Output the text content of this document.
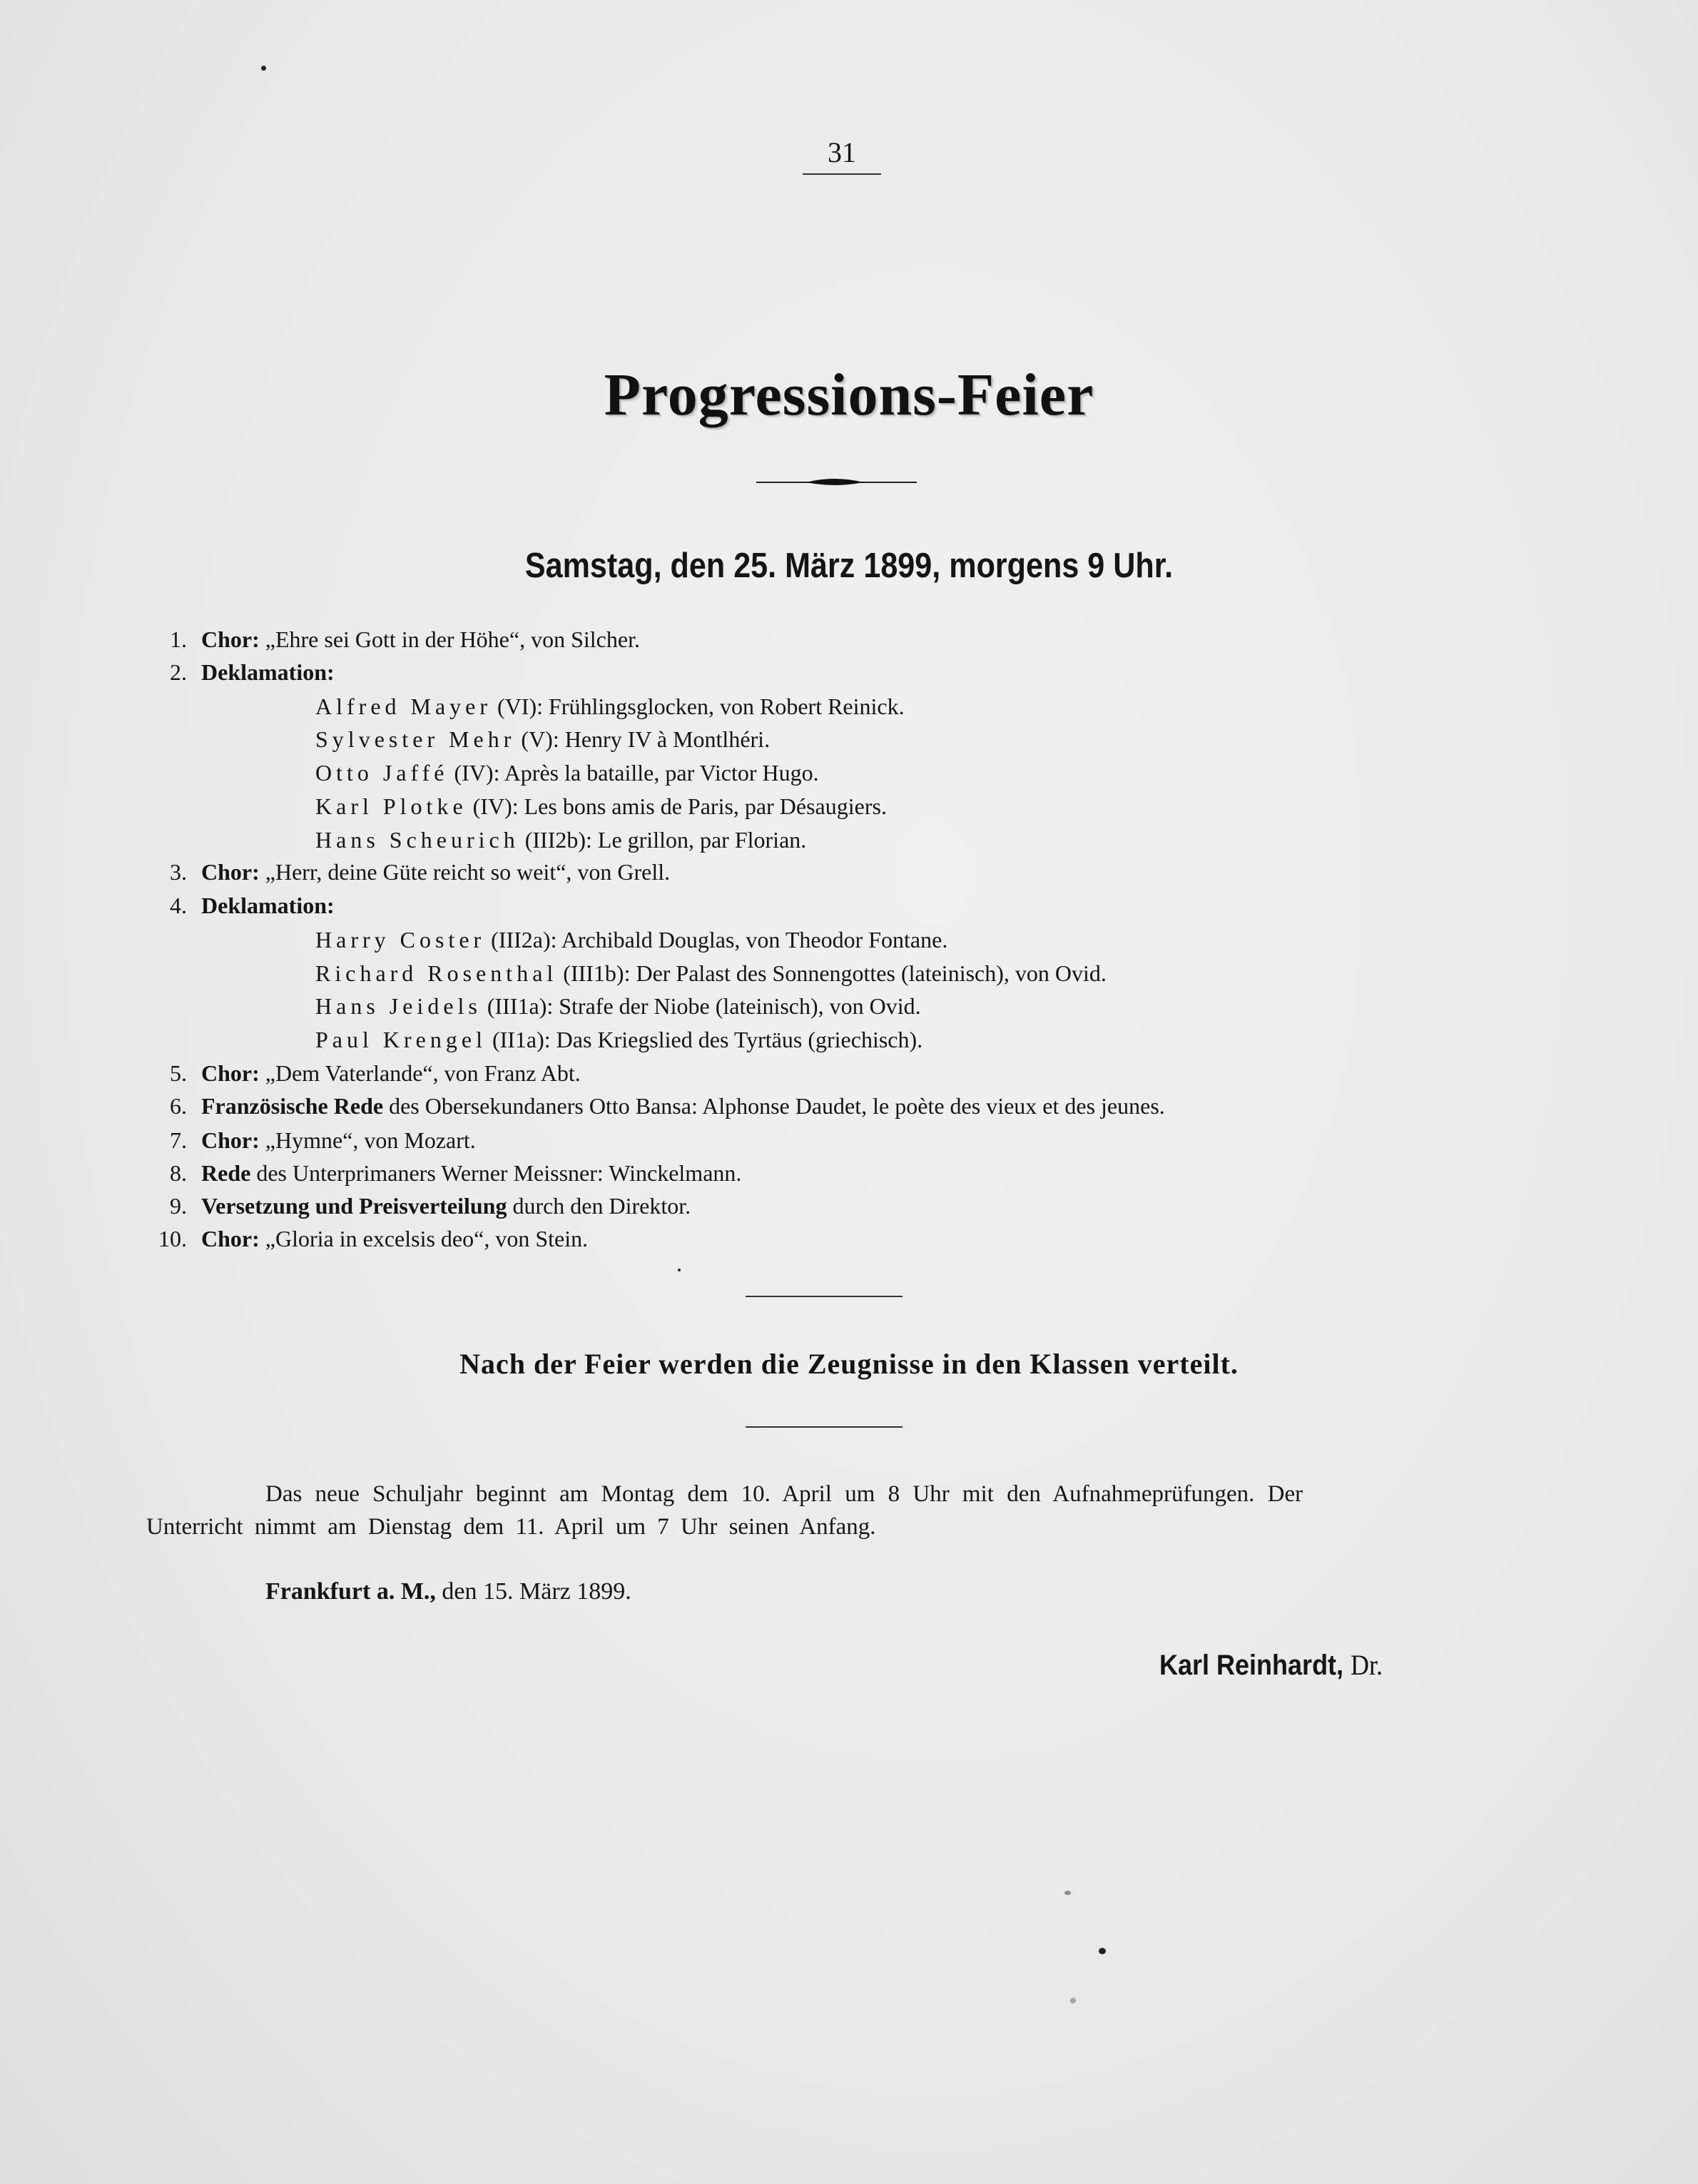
31
Progressions-Feier
Samstag, den 25. März 1899, morgens 9 Uhr.
1. Chor: „Ehre sei Gott in der Höhe“, von Silcher.
2. Deklamation:
Alfred Mayer (VI): Frühlingsglocken, von Robert Reinick.
Sylvester Mehr (V): Henry IV à Montlhéri.
Otto Jaffé (IV): Après la bataille, par Victor Hugo.
Karl Plotke (IV): Les bons amis de Paris, par Désaugiers.
Hans Scheurich (III2b): Le grillon, par Florian.
3. Chor: „Herr, deine Güte reicht so weit“, von Grell.
4. Deklamation:
Harry Coster (III2a): Archibald Douglas, von Theodor Fontane.
Richard Rosenthal (III1b): Der Palast des Sonnengottes (lateinisch), von Ovid.
Hans Jeidels (III1a): Strafe der Niobe (lateinisch), von Ovid.
Paul Krengel (II1a): Das Kriegslied des Tyrtäus (griechisch).
5. Chor: „Dem Vaterlande“, von Franz Abt.
6. Französische Rede des Obersekundaners Otto Bansa: Alphonse Daudet, le poète des vieux et des jeunes.
7. Chor: „Hymne“, von Mozart.
8. Rede des Unterprimaners Werner Meissner: Winckelmann.
9. Versetzung und Preisverteilung durch den Direktor.
10. Chor: „Gloria in excelsis deo“, von Stein.
Nach der Feier werden die Zeugnisse in den Klassen verteilt.
Das neue Schuljahr beginnt am Montag dem 10. April um 8 Uhr mit den Aufnahmeprüfungen. Der
Unterricht nimmt am Dienstag dem 11. April um 7 Uhr seinen Anfang.
Frankfurt a. M., den 15. März 1899.
Karl Reinhardt, Dr.
